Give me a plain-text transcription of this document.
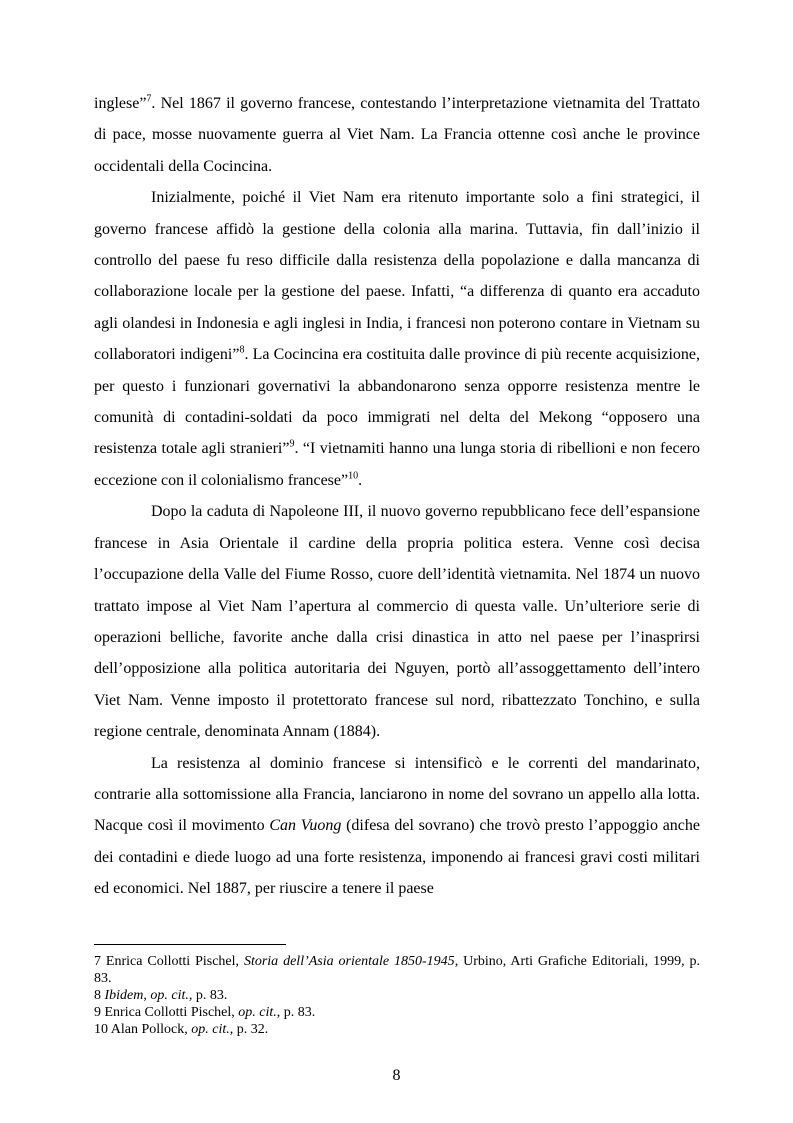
inglese”$^7$. Nel 1867 il governo francese, contestando l’interpretazione vietnamita del Trattato di pace, mosse nuovamente guerra al Viet Nam. La Francia ottenne così anche le province occidentali della Cocincina.

Inizialmente, poiché il Viet Nam era ritenuto importante solo a fini strategici, il governo francese affidò la gestione della colonia alla marina. Tuttavia, fin dall’inizio il controllo del paese fu reso difficile dalla resistenza della popolazione e dalla mancanza di collaborazione locale per la gestione del paese. Infatti, “a differenza di quanto era accaduto agli olandesi in Indonesia e agli inglesi in India, i francesi non poterono contare in Vietnam su collaboratori indigeni”$^8$. La Cocincina era costituita dalle province di più recente acquisizione, per questo i funzionari governativi la abbandonarono senza opporre resistenza mentre le comunità di contadini-soldati da poco immigrati nel delta del Mekong “opposero una resistenza totale agli stranieri”$^9$. “I vietnamiti hanno una lunga storia di ribellioni e non fecero eccezione con il colonialismo francese”$^{10}$.

Dopo la caduta di Napoleone III, il nuovo governo repubblicano fece dell’espansione francese in Asia Orientale il cardine della propria politica estera. Venne così decisa l’occupazione della Valle del Fiume Rosso, cuore dell’identità vietnamita. Nel 1874 un nuovo trattato impose al Viet Nam l’apertura al commercio di questa valle. Un’ulteriore serie di operazioni belliche, favorite anche dalla crisi dinastica in atto nel paese per l’inasprirsi dell’opposizione alla politica autoritaria dei Nguyen, portò all’assoggettamento dell’intero Viet Nam. Venne imposto il protettorato francese sul nord, ribattezzato Tonchino, e sulla regione centrale, denominata Annam (1884).

La resistenza al dominio francese si intensificò e le correnti del mandarinato, contrarie alla sottomissione alla Francia, lanciarono in nome del sovrano un appello alla lotta. Nacque così il movimento Can Vuong (difesa del sovrano) che trovò presto l’appoggio anche dei contadini e diede luogo ad una forte resistenza, imponendo ai francesi gravi costi militari ed economici. Nel 1887, per riuscire a tenere il paese

7 Enrica Collotti Pischel, Storia dell’Asia orientale 1850-1945, Urbino, Arti Grafiche Editoriali, 1999, p. 83.

8 Ibidem, op. cit., p. 83.

9 Enrica Collotti Pischel, op. cit., p. 83.

10 Alan Pollock, op. cit., p. 32.

8
